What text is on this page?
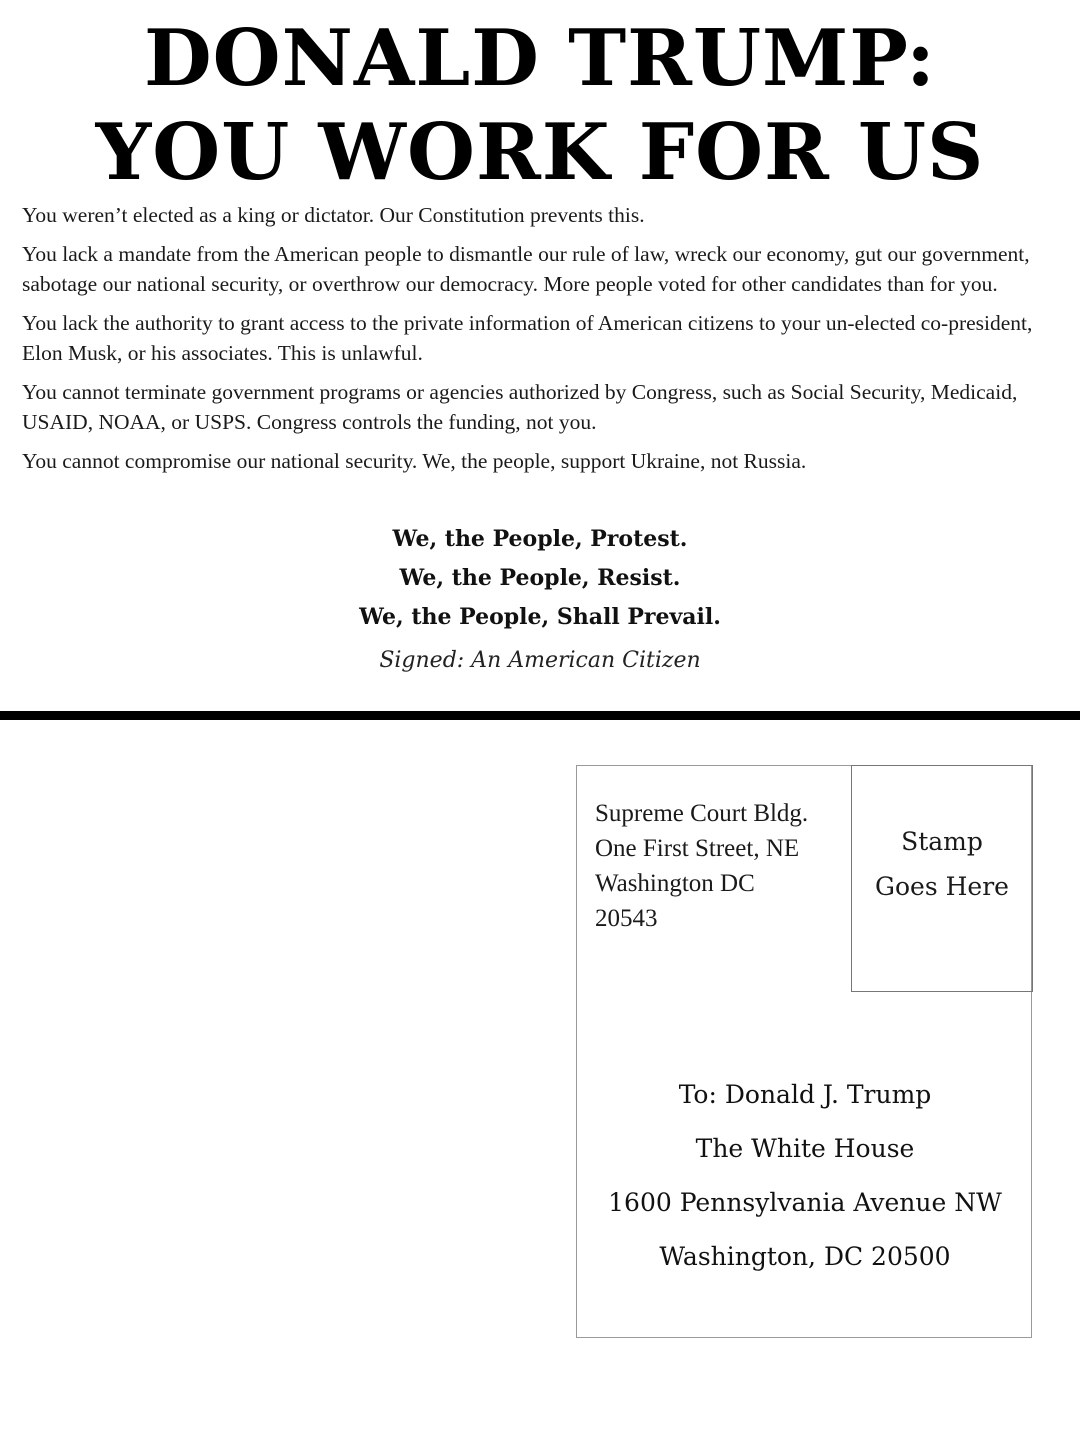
DONALD TRUMP:
YOU WORK FOR US

You weren’t elected as a king or dictator. Our Constitution prevents this.

You lack a mandate from the American people to dismantle our rule of law, wreck our economy, gut our government, sabotage our national security, or overthrow our democracy. More people voted for other candidates than for you.

You lack the authority to grant access to the private information of American citizens to your un-elected co-president, Elon Musk, or his associates. This is unlawful.

You cannot terminate government programs or agencies authorized by Congress, such as Social Security, Medicaid, USAID, NOAA, or USPS. Congress controls the funding, not you.

You cannot compromise our national security. We, the people, support Ukraine, not Russia.

We, the People, Protest.
We, the People, Resist.
We, the People, Shall Prevail.
Signed: An American Citizen
Supreme Court Bldg.
One First Street, NE
Washington DC
20543
Stamp
Goes Here
To: Donald J. Trump
The White House
1600 Pennsylvania Avenue NW
Washington, DC 20500
